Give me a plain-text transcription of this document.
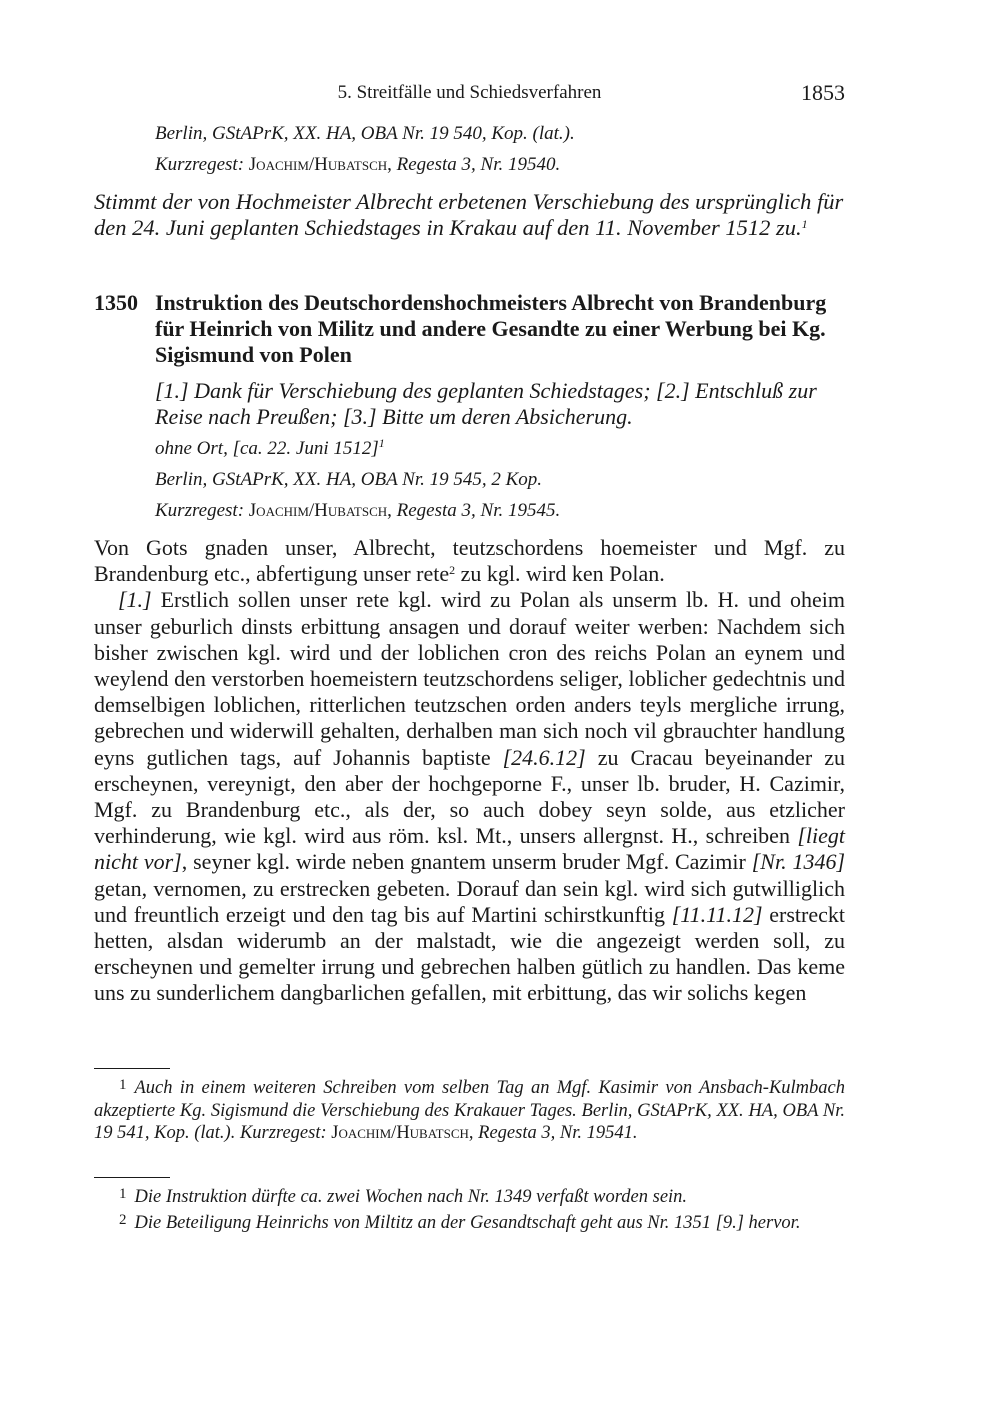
5. Streitfälle und Schiedsverfahren	1853
Berlin, GStAPrK, XX. HA, OBA Nr. 19 540, Kop. (lat.).
Kurzregest: Joachim/Hubatsch, Regesta 3, Nr. 19540.
Stimmt der von Hochmeister Albrecht erbetenen Verschiebung des ursprünglich für den 24. Juni geplanten Schiedstages in Krakau auf den 11. November 1512 zu.$^1$
1350 Instruktion des Deutschordenshochmeisters Albrecht von Brandenburg für Heinrich von Militz und andere Gesandte zu einer Werbung bei Kg. Sigismund von Polen
[1.] Dank für Verschiebung des geplanten Schiedstages; [2.] Entschluß zur Reise nach Preußen; [3.] Bitte um deren Absicherung.
ohne Ort, [ca. 22. Juni 1512]$^1$
Berlin, GStAPrK, XX. HA, OBA Nr. 19 545, 2 Kop.
Kurzregest: Joachim/Hubatsch, Regesta 3, Nr. 19545.

Von Gots gnaden unser, Albrecht, teutzschordens hoemeister und Mgf. zu Brandenburg etc., abfertigung unser rete$^2$ zu kgl. wird ken Polan.

[1.] Erstlich sollen unser rete kgl. wird zu Polan als unserm lb. H. und oheim unser geburlich dinsts erbittung ansagen und dorauf weiter werben: Nachdem sich bisher zwischen kgl. wird und der loblichen cron des reichs Polan an eynem und weylend den verstorben hoemeistern teutzschordens seliger, loblicher gedechtnis und demselbigen loblichen, ritterlichen teutzschen orden anders teyls mergliche irrung, gebrechen und widerwill gehalten, derhalben man sich noch vil gbrauchter handlung eyns gutlichen tags, auf Johannis baptiste [24.6.12] zu Cracau beyeinander zu erscheynen, vereynigt, den aber der hochgeporne F., unser lb. bruder, H. Cazimir, Mgf. zu Brandenburg etc., als der, so auch dobey seyn solde, aus etzlicher verhinderung, wie kgl. wird aus röm. ksl. Mt., unsers allergnst. H., schreiben [liegt nicht vor], seyner kgl. wirde neben gnantem unserm bruder Mgf. Cazimir [Nr. 1346] getan, vernomen, zu erstrecken gebeten. Dorauf dan sein kgl. wird sich gutwilliglich und freuntlich erzeigt und den tag bis auf Martini schirstkunftig [11.11.12] erstreckt hetten, alsdan widerumb an der malstadt, wie die angezeigt werden soll, zu erscheynen und gemelter irrung und gebrechen halben gütlich zu handlen. Das keme uns zu sunderlichem dangbarlichen gefallen, mit erbittung, das wir solichs kegen

$^1$ Auch in einem weiteren Schreiben vom selben Tag an Mgf. Kasimir von Ansbach-Kulmbach akzeptierte Kg. Sigismund die Verschiebung des Krakauer Tages. Berlin, GStAPrK, XX. HA, OBA Nr. 19 541, Kop. (lat.). Kurzregest: Joachim/Hubatsch, Regesta 3, Nr. 19541.

$^1$ Die Instruktion dürfte ca. zwei Wochen nach Nr. 1349 verfaßt worden sein.

$^2$ Die Beteiligung Heinrichs von Miltitz an der Gesandtschaft geht aus Nr. 1351 [9.] hervor.
